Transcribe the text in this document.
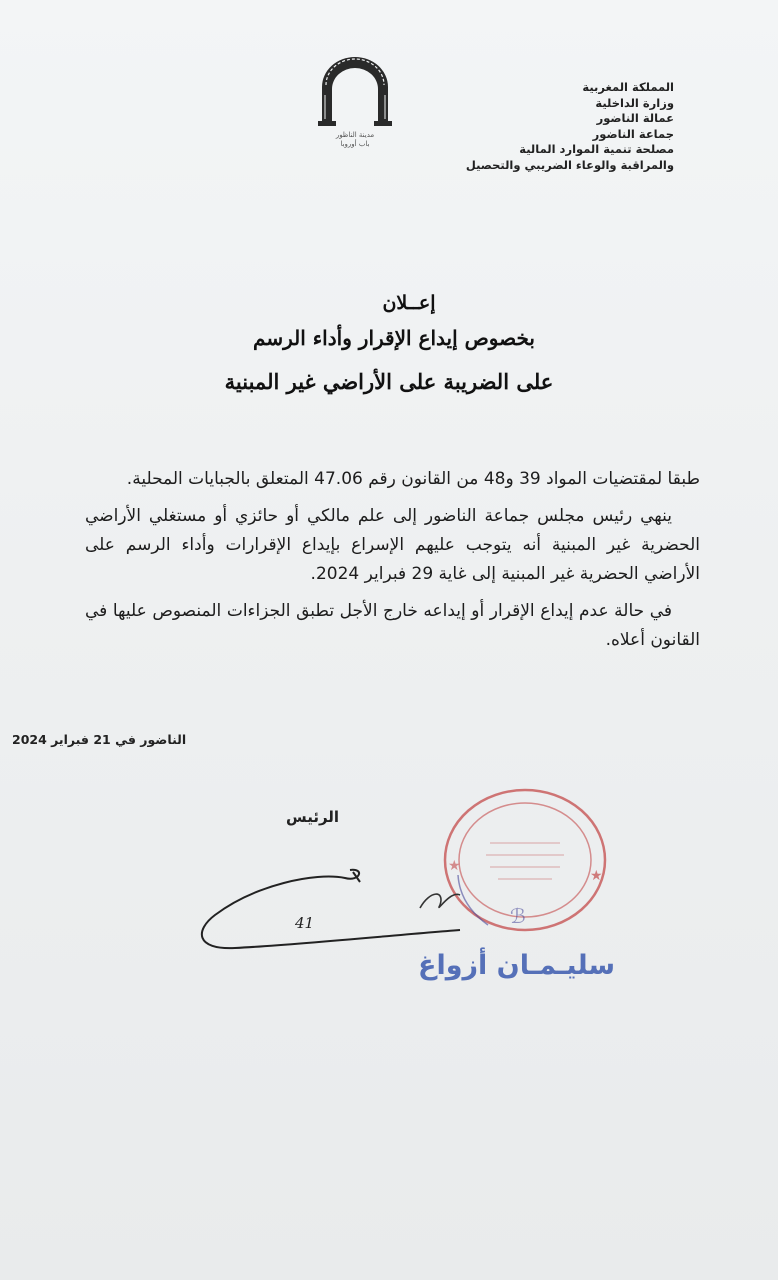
مدينة الناظور
باب أوروبا
المملكة المغربية
وزارة الداخلية
عمالة الناضور
جماعة الناضور
مصلحة تنمية الموارد المالية
والمراقبة والوعاء الضريبي والتحصيل
إعــلان
بخصوص إيداع الإقرار وأداء الرسم
على الضريبة على الأراضي غير المبنية

طبقا لمقتضيات المواد 39 و48 من القانون رقم 47.06 المتعلق بالجبايات المحلية.

ينهي رئيس مجلس جماعة الناضور إلى علم مالكي أو حائزي أو مستغلي الأراضي الحضرية غير المبنية أنه يتوجب عليهم الإسراع بإيداع الإقرارات وأداء الرسم على الأراضي الحضرية غير المبنية إلى غاية 29 فبراير 2024.

في حالة عدم إيداع الإقرار أو إيداعه خارج الأجل تطبق الجزاءات المنصوص عليها في القانون أعلاه.

الناضور في 21 فبراير 2024
الرئيس
★
★
ℬ
41
سليـمـان أزواغ
